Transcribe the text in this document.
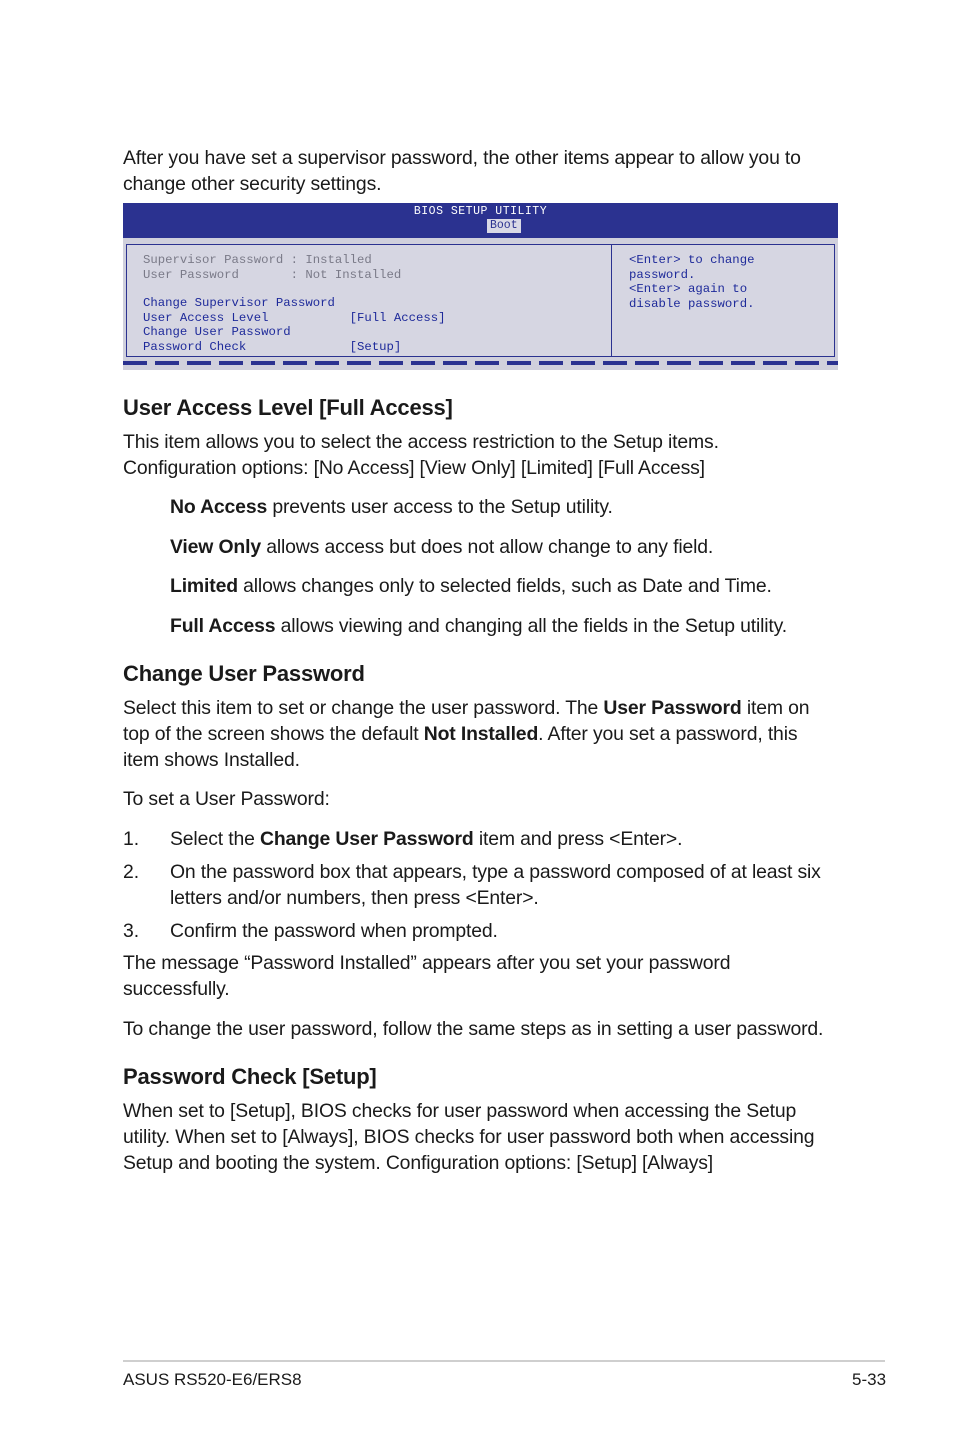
After you have set a supervisor password, the other items appear to allow you to
change other security settings.

BIOS SETUP UTILITY
Boot

Supervisor Password : Installed

User Password       : Not Installed

Change Supervisor Password

User Access Level           [Full Access]

Change User Password

Password Check              [Setup]

<Enter> to change

password.

<Enter> again to

disable password.

User Access Level [Full Access]

This item allows you to select the access restriction to the Setup items.
Configuration options: [No Access] [View Only] [Limited] [Full Access]

No Access prevents user access to the Setup utility.

View Only allows access but does not allow change to any field.

Limited allows changes only to selected fields, such as Date and Time.

Full Access allows viewing and changing all the fields in the Setup utility.

Change User Password

Select this item to set or change the user password. The User Password item on
top of the screen shows the default Not Installed. After you set a password, this
item shows Installed.

To set a User Password:

1. Select the Change User Password item and press <Enter>.

2. On the password box that appears, type a password composed of at least six
letters and/or numbers, then press <Enter>.

3. Confirm the password when prompted.

The message “Password Installed” appears after you set your password
successfully.

To change the user password, follow the same steps as in setting a user password.

Password Check [Setup]

When set to [Setup], BIOS checks for user password when accessing the Setup
utility. When set to [Always], BIOS checks for user password both when accessing
Setup and booting the system. Configuration options: [Setup] [Always]

ASUS RS520-E6/ERS8	5-33
